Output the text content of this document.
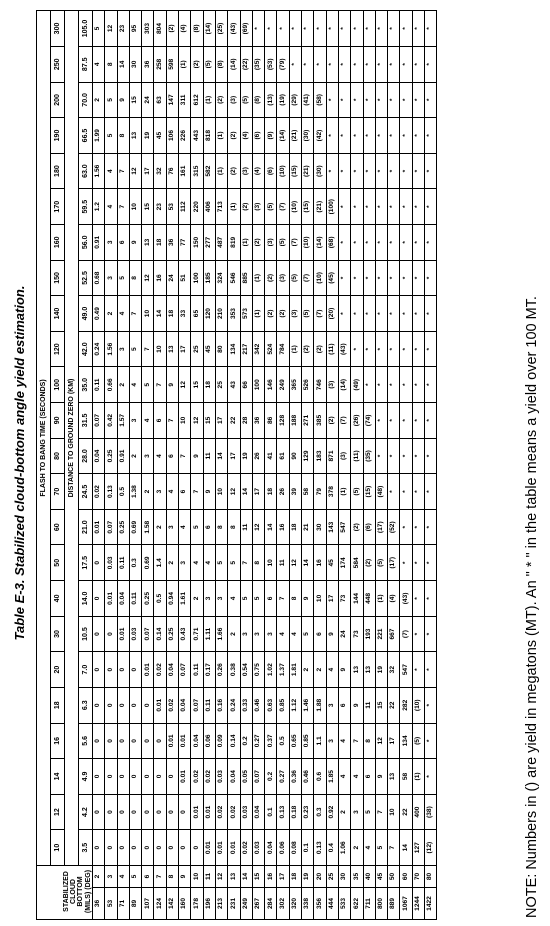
Table E-3. Stabilized cloud-bottom angle yield estimation.
STABILIZED CLOUD BOTTOM (MILS) (DEG)		FLASH TO BANG TIME (SECONDS)																							
		10	12	14	16	18	20	30	40	50	60	70	80	90	100	120	140	150	160	170	180	190	200	250	300
		DISTANCE TO GROUND ZERO (KM)																							
		3.5	4.2	4.9	5.6	6.3	7.0	10.5	14.0	17.5	21.0	24.5	28.0	31.5	35.0	42.0	49.0	52.5	56.0	59.5	63.0	66.5	70.0	87.5	105.0
36	2	0	0	0	0	0	0	0	0	0	0.01	0.02	0.04	0.07	0.11	0.24	0.49	0.68	0.91	1.2	1.56	1.99	2	4	5
53	3	0	0	0	0	0	0	0	0.01	0.03	0.07	0.13	0.25	0.42	0.66	1.56	2	3	3	4	4	5	5	8	12
71	4	0	0	0	0	0	0	0.01	0.04	0.11	0.25	0.5	0.91	1.57	2	3	4	5	6	7	7	8	9	14	23
89	5	0	0	0	0	0	0	0.03	0.11	0.3	0.69	1.38	2	3	4	5	7	8	9	10	12	13	15	30	95
107	6	0	0	0	0	0	0.01	0.07	0.25	0.69	1.58	2	3	4	5	7	10	12	13	15	17	19	24	36	303
124	7	0	0	0	0	0.01	0.02	0.14	0.5	1.4	2	3	4	6	7	10	14	16	18	23	32	45	63	258	804
142	8	0	0	0	0.01	0.02	0.04	0.25	0.94	2	3	4	6	7	9	13	18	24	36	53	76	106	147	598	(2)
160	9	0	0	0.01	0.01	0.04	0.07	0.43	1.61	3	4	6	7	10	12	17	33	51	77	112	161	226	311	(1)	(4)
178	10	0	0.01	0.02	0.04	0.07	0.11	0.71	2	4	5	7	9	12	15	25	65	100	150	220	315	443	612	(2)	(8)
196	11	0.01	0.01	0.02	0.06	0.11	0.17	1.11	3	4	6	9	11	15	18	45	120	185	277	406	582	818	(1)	(5)	(14)
213	12	0.01	0.02	0.03	0.09	0.16	0.26	1.66	3	5	8	10	14	17	25	80	210	324	487	713	(1)	(1)	(2)	(8)	(25)
231	13	0.01	0.02	0.04	0.14	0.24	0.38	2	4	5	8	12	17	22	43	134	353	546	819	(1)	(2)	(2)	(3)	(14)	(43)
249	14	0.02	0.03	0.05	0.2	0.33	0.54	3	5	7	11	14	19	28	66	217	573	885	(1)	(2)	(3)	(4)	(5)	(22)	(69)
267	15	0.03	0.04	0.07	0.27	0.46	0.75	3	5	8	12	17	26	36	100	342	(1)	(1)	(2)	(3)	(4)	(6)	(8)	(35)	*
284	16	0.04	0.1	0.2	0.37	0.63	1.02	3	6	10	14	18	41	86	146	524	(2)	(2)	(3)	(5)	(6)	(9)	(13)	(53)	*
302	17	0.06	0.13	0.27	0.5	0.85	1.37	4	7	11	16	26	61	128	249	784	(2)	(3)	(5)	(7)	(10)	(14)	(19)	(79)	*
320	18	0.08	0.18	0.36	0.65	1.12	1.81	4	8	12	18	39	90	188	365	(1)	(3)	(5)	(7)	(10)	(15)	(21)	(29)	*	*
338	19	0.1	0.23	0.46	0.85	1.46	2	5	9	14	21	58	129	271	526	(2)	(5)	(7)	(10)	(15)	(21)	(30)	(41)	*	*
356	20	0.13	0.3	0.6	1.1	1.88	2	6	10	16	30	79	183	385	746	(2)	(7)	(10)	(14)	(21)	(30)	(42)	(58)	*	*
444	25	0.4	0.92	1.85	3	3	4	9	17	45	143	378	871	(2)	(3)	(11)	(20)	(45)	(68)	(100)	*	*	*	*	*
533	30	1.06	2	4	4	6	9	24	73	174	547	(1)	(3)	(7)	(14)	(43)	*	*	*	*	*	*	*	*	*
622	35	2	3	4	7	9	13	73	144	584	(2)	(5)	(11)	(26)	(49)	*	*	*	*	*	*	*	*	*	*
711	40	4	5	6	8	11	13	193	448	(2)	(6)	(15)	(35)	(74)	*	*	*	*	*	*	*	*	*	*	*
800	45	5	7	9	12	15	19	221	(1)	(5)	(17)	(48)	*	*	*	*	*	*	*	*	*	*	*	*	*
889	50	7	10	13	17	22	32	667	(4)	(17)	(52)	*	*	*	*	*	*	*	*	*	*	*	*	*	*
1067	60	14	22	58	134	282	547	(7)	(43)	*	*	*	*	*	*	*	*	*	*	*	*	*	*	*	*
1244	70	127	400	(1)	(5)	(10)	*	*	*	*	*	*	*	*	*	*	*	*	*	*	*	*	*	*	*
1422	80	(12)	(38)	*	*	*	*	*	*	*	*	*	*	*	*	*	*	*	*	*	*	*	*	*	*
NOTE: Numbers in () are yield in megatons (MT). An " * " in the table means a yield over 100 MT.
